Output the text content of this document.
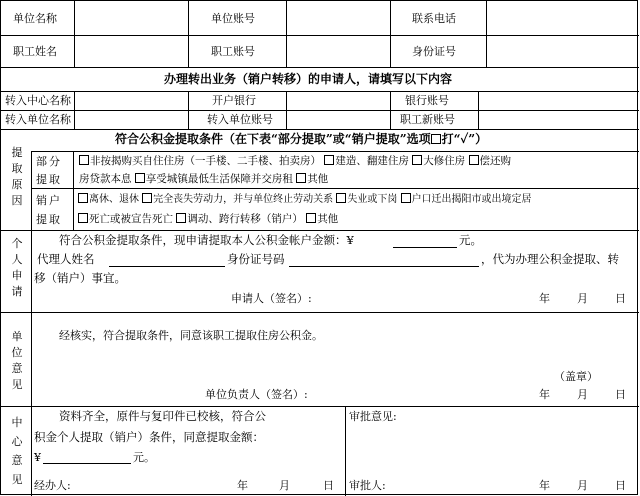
单位名称	单位账号	联系电话
职工姓名	职工账号	身份证号
办理转出业务（销户转移）的申请人，请填写以下内容
转入中心名称	开户银行	银行账号
转入单位名称	转入单位账号	职工新账号
符合公积金提取条件（在下表“部分提取”或“销户提取”选项 打“✓”）
提取原因
部分提取
非按揭购买自住住房（一手楼、二手楼、拍卖房） 建造、翻建住房 大修住房 偿还购
房贷款本息 享受城镇最低生活保障并交房租 其他
销户提取
离休、退休 完全丧失劳动力，并与单位终止劳动关系 失业或下岗 户口迁出揭阳市或出境定居
死亡或被宣告死亡 调动、跨行转移（销户） 其他
个人申请
符合公积金提取条件，现申请提取本人公积金帐户金额：¥	元。
代理人姓名	身份证号码	，代为办理公积金提取、转
移（销户）事宜。
申请人（签名）:	年 月 日
单位意见
经核实，符合提取条件，同意该职工提取住房公积金。
（盖章）
单位负责人（签名）:	年 月 日
中心意见
资料齐全，原件与复印件已校核，符合公
积金个人提取（销户）条件，同意提取金额：
¥	元。
经办人:	年	月	日
审批意见:
审批人:	年 月 日
